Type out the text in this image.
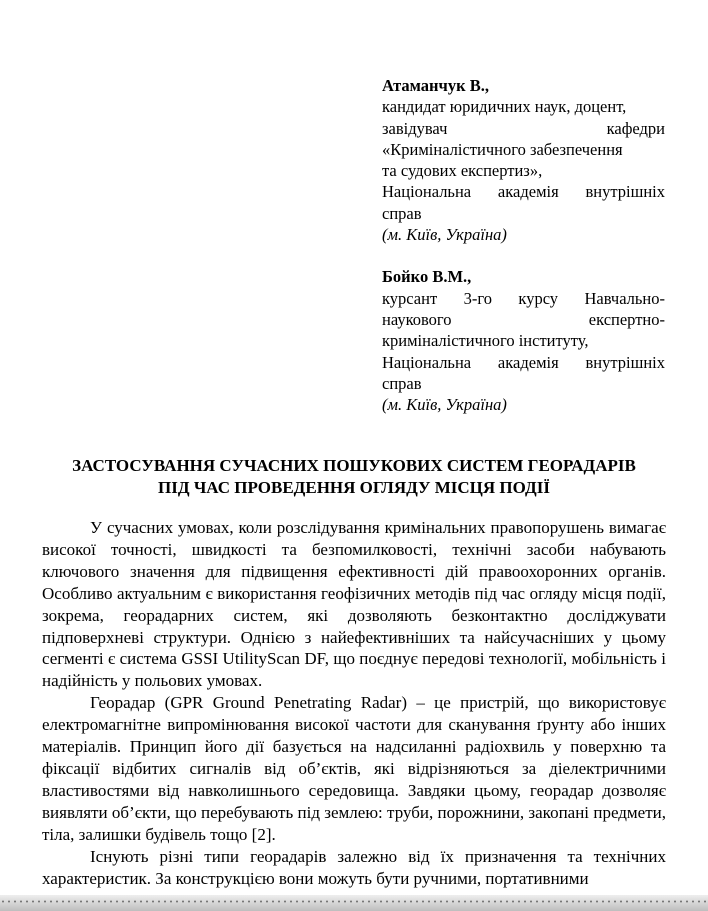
Атаманчук В.,
кандидат юридичних наук, доцент,
завідувач кафедри
«Криміналістичного забезпечення
та судових експертиз»,
Національна академія внутрішніх
справ
(м. Київ, Україна)
Бойко В.М.,
курсант 3-го курсу Навчально-
наукового експертно-
криміналістичного інституту,
Національна академія внутрішніх
справ
(м. Київ, Україна)
ЗАСТОСУВАННЯ СУЧАСНИХ ПОШУКОВИХ СИСТЕМ ГЕОРАДАРІВ
ПІД ЧАС ПРОВЕДЕННЯ ОГЛЯДУ МІСЦЯ ПОДІЇ

У сучасних умовах, коли розслідування кримінальних правопорушень вимагає високої точності, швидкості та безпомилковості, технічні засоби набувають ключового значення для підвищення ефективності дій правоохоронних органів. Особливо актуальним є використання геофізичних методів під час огляду місця події, зокрема, георадарних систем, які дозволяють безконтактно досліджувати підповерхневі структури. Однією з найефективніших та найсучасніших у цьому сегменті є система GSSI UtilityScan DF, що поєднує передові технології, мобільність і надійність у польових умовах.

Георадар (GPR Ground Penetrating Radar) – це пристрій, що використовує електромагнітне випромінювання високої частоти для сканування ґрунту або інших матеріалів. Принцип його дії базується на надсиланні радіохвиль у поверхню та фіксації відбитих сигналів від об’єктів, які відрізняються за діелектричними властивостями від навколишнього середовища. Завдяки цьому, георадар дозволяє виявляти об’єкти, що перебувають під землею: труби, порожнини, закопані предмети, тіла, залишки будівель тощо [2].

Існують різні типи георадарів залежно від їх призначення та технічних характеристик. За конструкцією вони можуть бути ручними, портативними
